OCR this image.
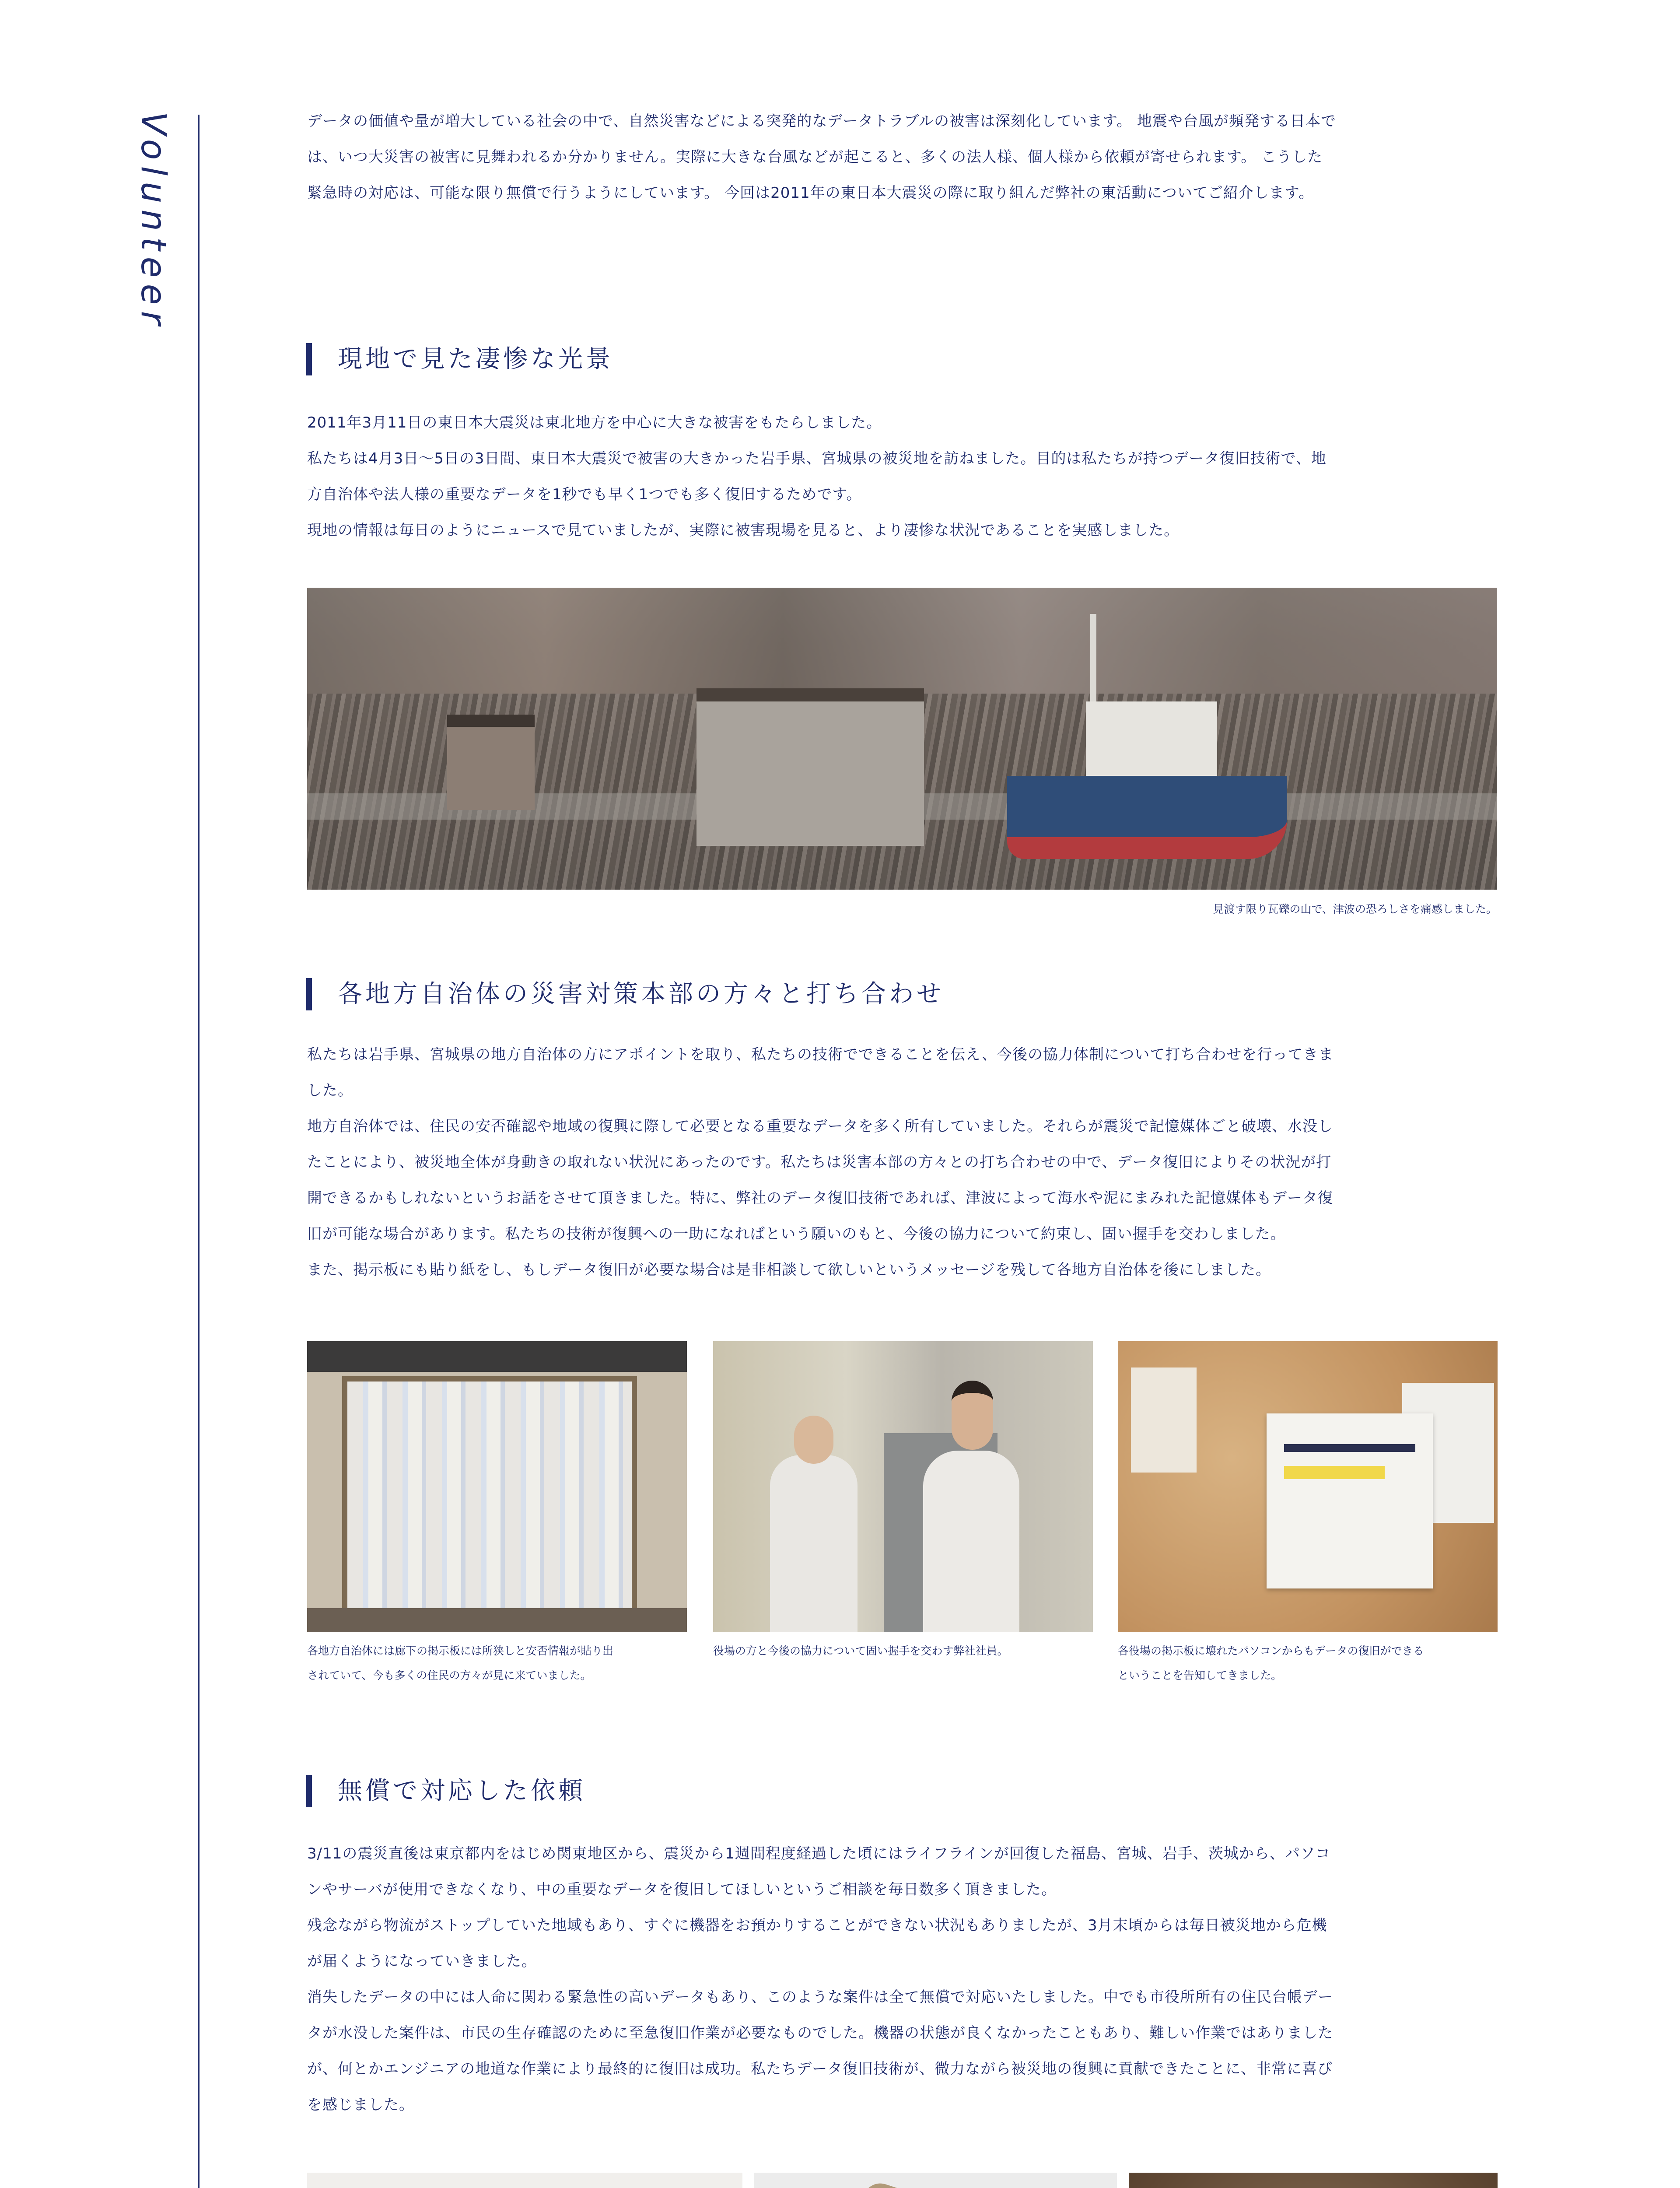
Volunteer	データの価値や量が増大している社会の中で、自然災害などによる突発的なデータトラブルの被害は深刻化しています。 地震や台風が頻発する日本で

は、いつ大災害の被害に見舞われるか分かりません。実際に大きな台風などが起こると、多くの法人様、個人様から依頼が寄せられます。 こうした

緊急時の対応は、可能な限り無償で行うようにしています。 今回は2011年の東日本大震災の際に取り組んだ弊社の東活動についてご紹介します。

現地で見た凄惨な光景

2011年3月11日の東日本大震災は東北地方を中心に大きな被害をもたらしました。

私たちは4月3日～5日の3日間、東日本大震災で被害の大きかった岩手県、宮城県の被災地を訪ねました。目的は私たちが持つデータ復旧技術で、地

方自治体や法人様の重要なデータを1秒でも早く1つでも多く復旧するためです。

現地の情報は毎日のようにニュースで見ていましたが、実際に被害現場を見ると、より凄惨な状況であることを実感しました。

見渡す限り瓦礫の山で、津波の恐ろしさを痛感しました。
各地方自治体の災害対策本部の方々と打ち合わせ

私たちは岩手県、宮城県の地方自治体の方にアポイントを取り、私たちの技術でできることを伝え、今後の協力体制について打ち合わせを行ってきま

した。

地方自治体では、住民の安否確認や地域の復興に際して必要となる重要なデータを多く所有していました。それらが震災で記憶媒体ごと破壊、水没し

たことにより、被災地全体が身動きの取れない状況にあったのです。私たちは災害本部の方々との打ち合わせの中で、データ復旧によりその状況が打

開できるかもしれないというお話をさせて頂きました。特に、弊社のデータ復旧技術であれば、津波によって海水や泥にまみれた記憶媒体もデータ復

旧が可能な場合があります。私たちの技術が復興への一助になればという願いのもと、今後の協力について約束し、固い握手を交わしました。

また、掲示板にも貼り紙をし、もしデータ復旧が必要な場合は是非相談して欲しいというメッセージを残して各地方自治体を後にしました。

各地方自治体には廊下の掲示板には所狭しと安否情報が貼り出
されていて、今も多くの住民の方々が見に来ていました。
役場の方と今後の協力について固い握手を交わす弊社社員。	各役場の掲示板に壊れたパソコンからもデータの復旧ができる
ということを告知してきました。
無償で対応した依頼

3/11の震災直後は東京都内をはじめ関東地区から、震災から1週間程度経過した頃にはライフラインが回復した福島、宮城、岩手、茨城から、パソコ

ンやサーバが使用できなくなり、中の重要なデータを復旧してほしいというご相談を毎日数多く頂きました。

残念ながら物流がストップしていた地域もあり、すぐに機器をお預かりすることができない状況もありましたが、3月末頃からは毎日被災地から危機

が届くようになっていきました。

消失したデータの中には人命に関わる緊急性の高いデータもあり、このような案件は全て無償で対応いたしました。中でも市役所所有の住民台帳デー

タが水没した案件は、市民の生存確認のために至急復旧作業が必要なものでした。機器の状態が良くなかったこともあり、難しい作業ではありました

が、何とかエンジニアの地道な作業により最終的に復旧は成功。私たちデータ復旧技術が、微力ながら被災地の復興に貢献できたことに、非常に喜び

を感じました。
